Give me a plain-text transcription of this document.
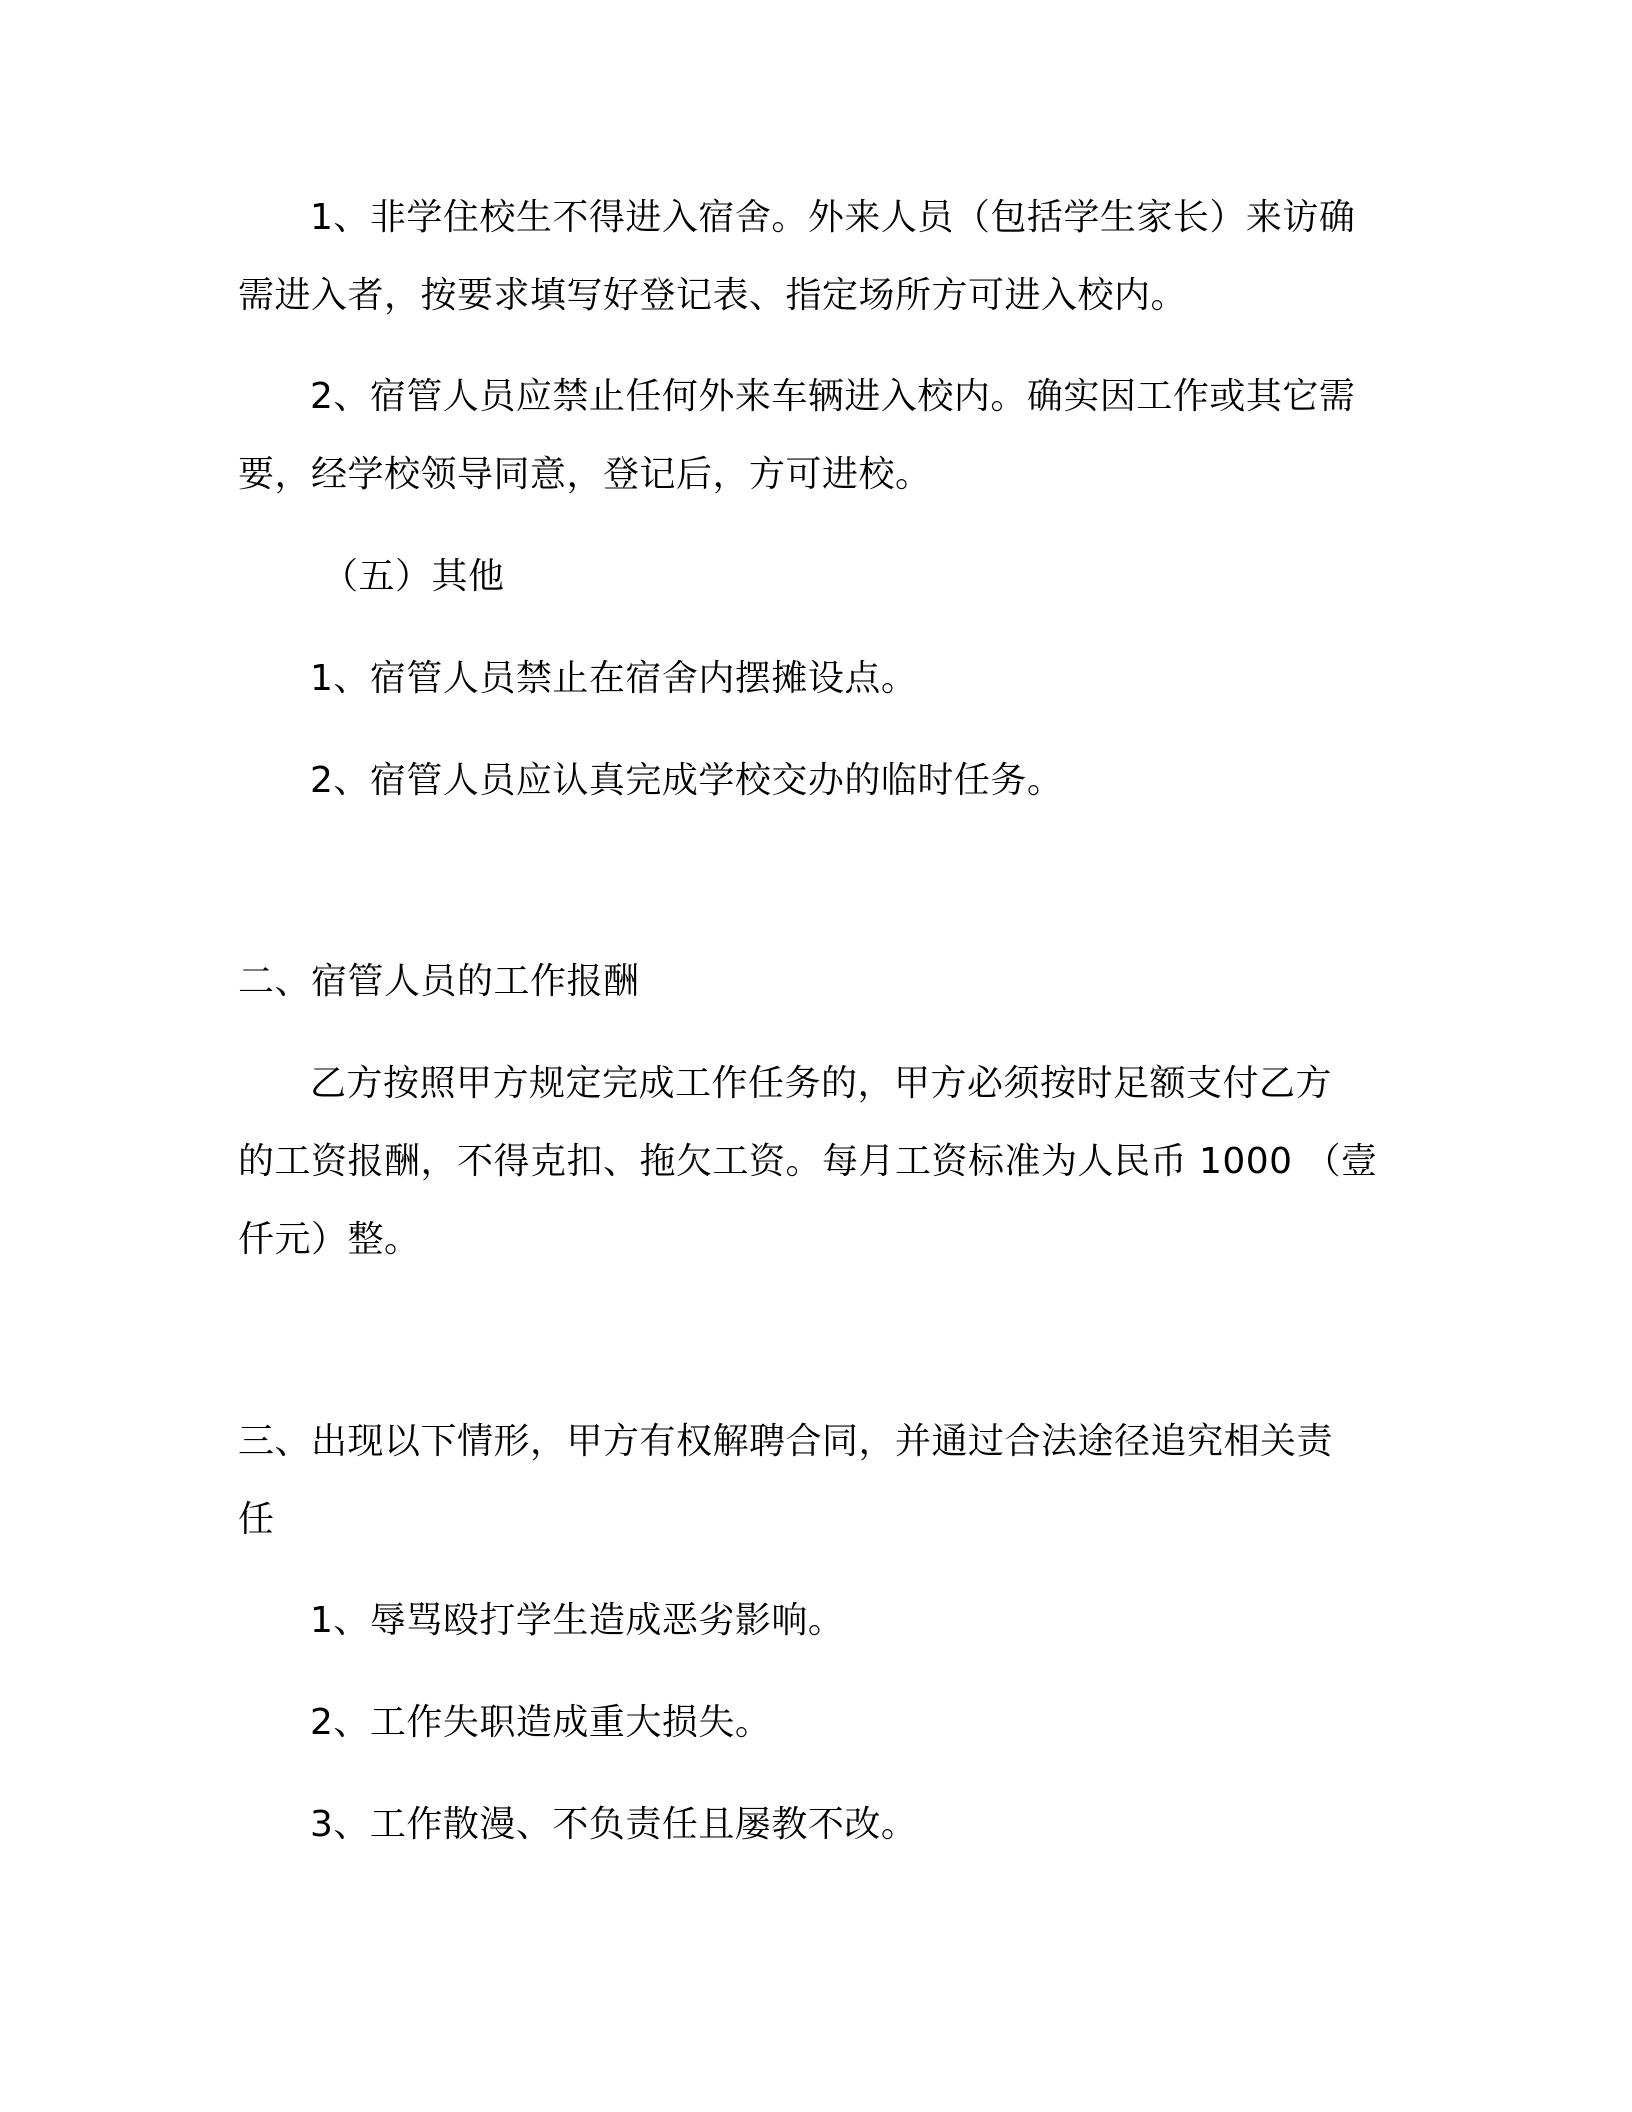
1、非学住校生不得进入宿舍。外来人员（包括学生家长）来访确
需进入者，按要求填写好登记表、指定场所方可进入校内。
2、宿管人员应禁止任何外来车辆进入校内。确实因工作或其它需
要，经学校领导同意，登记后，方可进校。
（五）其他
1、宿管人员禁止在宿舍内摆摊设点。
2、宿管人员应认真完成学校交办的临时任务。
二、宿管人员的工作报酬
乙方按照甲方规定完成工作任务的，甲方必须按时足额支付乙方
的工资报酬，不得克扣、拖欠工资。每月工资标准为人民币 1000 （壹
仟元）整。
三、出现以下情形，甲方有权解聘合同，并通过合法途径追究相关责
任
1、辱骂殴打学生造成恶劣影响。
2、工作失职造成重大损失。
3、工作散漫、不负责任且屡教不改。
